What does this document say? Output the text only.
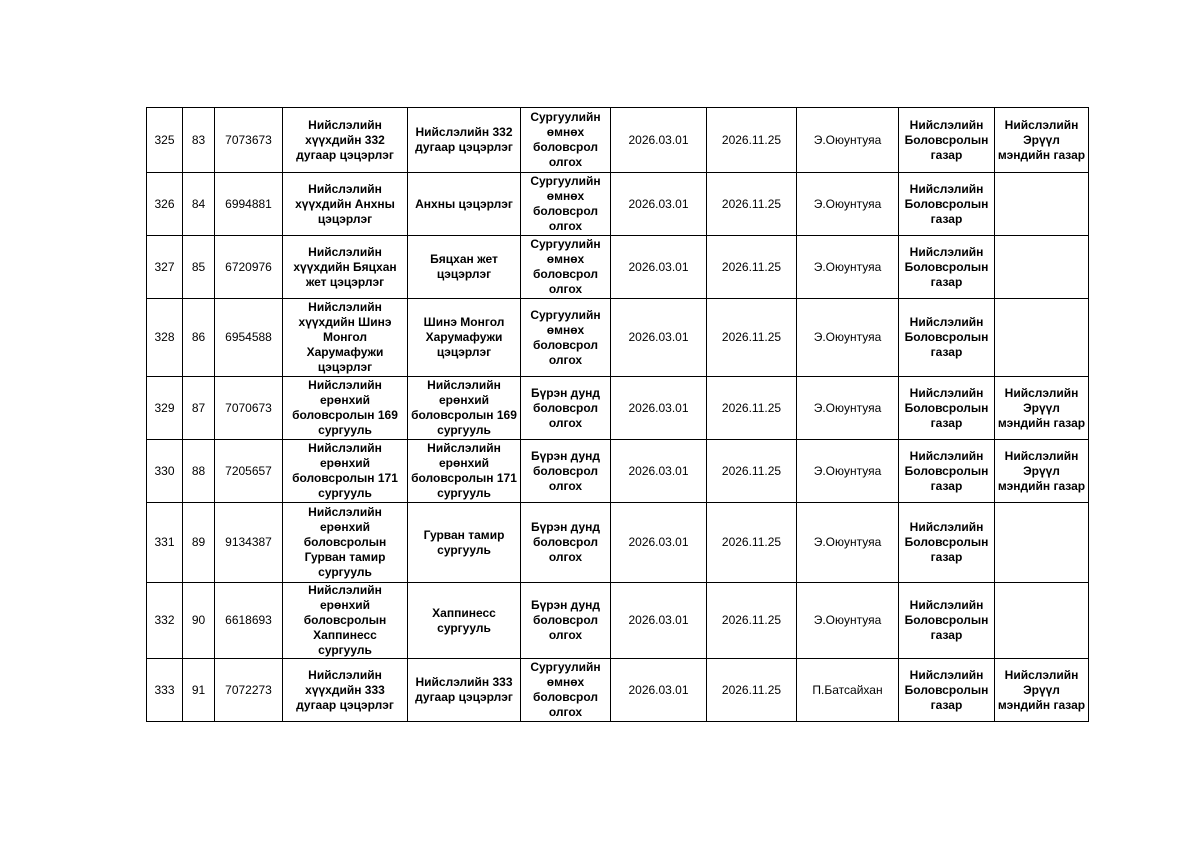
325	83	7073673	Нийслэлийн хүүхдийн 332 дугаар цэцэрлэг	Нийслэлийн 332 дугаар цэцэрлэг	Сургуулийн өмнөх боловсрол олгох	2026.03.01	2026.11.25	Э.Оюунтуяа	Нийслэлийн Боловсролын газар	Нийслэлийн Эрүүл мэндийн газар
326	84	6994881	Нийслэлийн хүүхдийн Анхны цэцэрлэг	Анхны цэцэрлэг	Сургуулийн өмнөх боловсрол олгох	2026.03.01	2026.11.25	Э.Оюунтуяа	Нийслэлийн Боловсролын газар	
327	85	6720976	Нийслэлийн хүүхдийн Бяцхан жет цэцэрлэг	Бяцхан жет цэцэрлэг	Сургуулийн өмнөх боловсрол олгох	2026.03.01	2026.11.25	Э.Оюунтуяа	Нийслэлийн Боловсролын газар	
328	86	6954588	Нийслэлийн хүүхдийн Шинэ Монгол Харумафужи цэцэрлэг	Шинэ Монгол Харумафужи цэцэрлэг	Сургуулийн өмнөх боловсрол олгох	2026.03.01	2026.11.25	Э.Оюунтуяа	Нийслэлийн Боловсролын газар	
329	87	7070673	Нийслэлийн ерөнхий боловсролын 169 сургууль	Нийслэлийн ерөнхий боловсролын 169 сургууль	Бүрэн дунд боловсрол олгох	2026.03.01	2026.11.25	Э.Оюунтуяа	Нийслэлийн Боловсролын газар	Нийслэлийн Эрүүл мэндийн газар
330	88	7205657	Нийслэлийн ерөнхий боловсролын 171 сургууль	Нийслэлийн ерөнхий боловсролын 171 сургууль	Бүрэн дунд боловсрол олгох	2026.03.01	2026.11.25	Э.Оюунтуяа	Нийслэлийн Боловсролын газар	Нийслэлийн Эрүүл мэндийн газар
331	89	9134387	Нийслэлийн ерөнхий боловсролын Гурван тамир сургууль	Гурван тамир сургууль	Бүрэн дунд боловсрол олгох	2026.03.01	2026.11.25	Э.Оюунтуяа	Нийслэлийн Боловсролын газар	
332	90	6618693	Нийслэлийн ерөнхий боловсролын Хаппинесс сургууль	Хаппинесс сургууль	Бүрэн дунд боловсрол олгох	2026.03.01	2026.11.25	Э.Оюунтуяа	Нийслэлийн Боловсролын газар	
333	91	7072273	Нийслэлийн хүүхдийн 333 дугаар цэцэрлэг	Нийслэлийн 333 дугаар цэцэрлэг	Сургуулийн өмнөх боловсрол олгох	2026.03.01	2026.11.25	П.Батсайхан	Нийслэлийн Боловсролын газар	Нийслэлийн Эрүүл мэндийн газар
